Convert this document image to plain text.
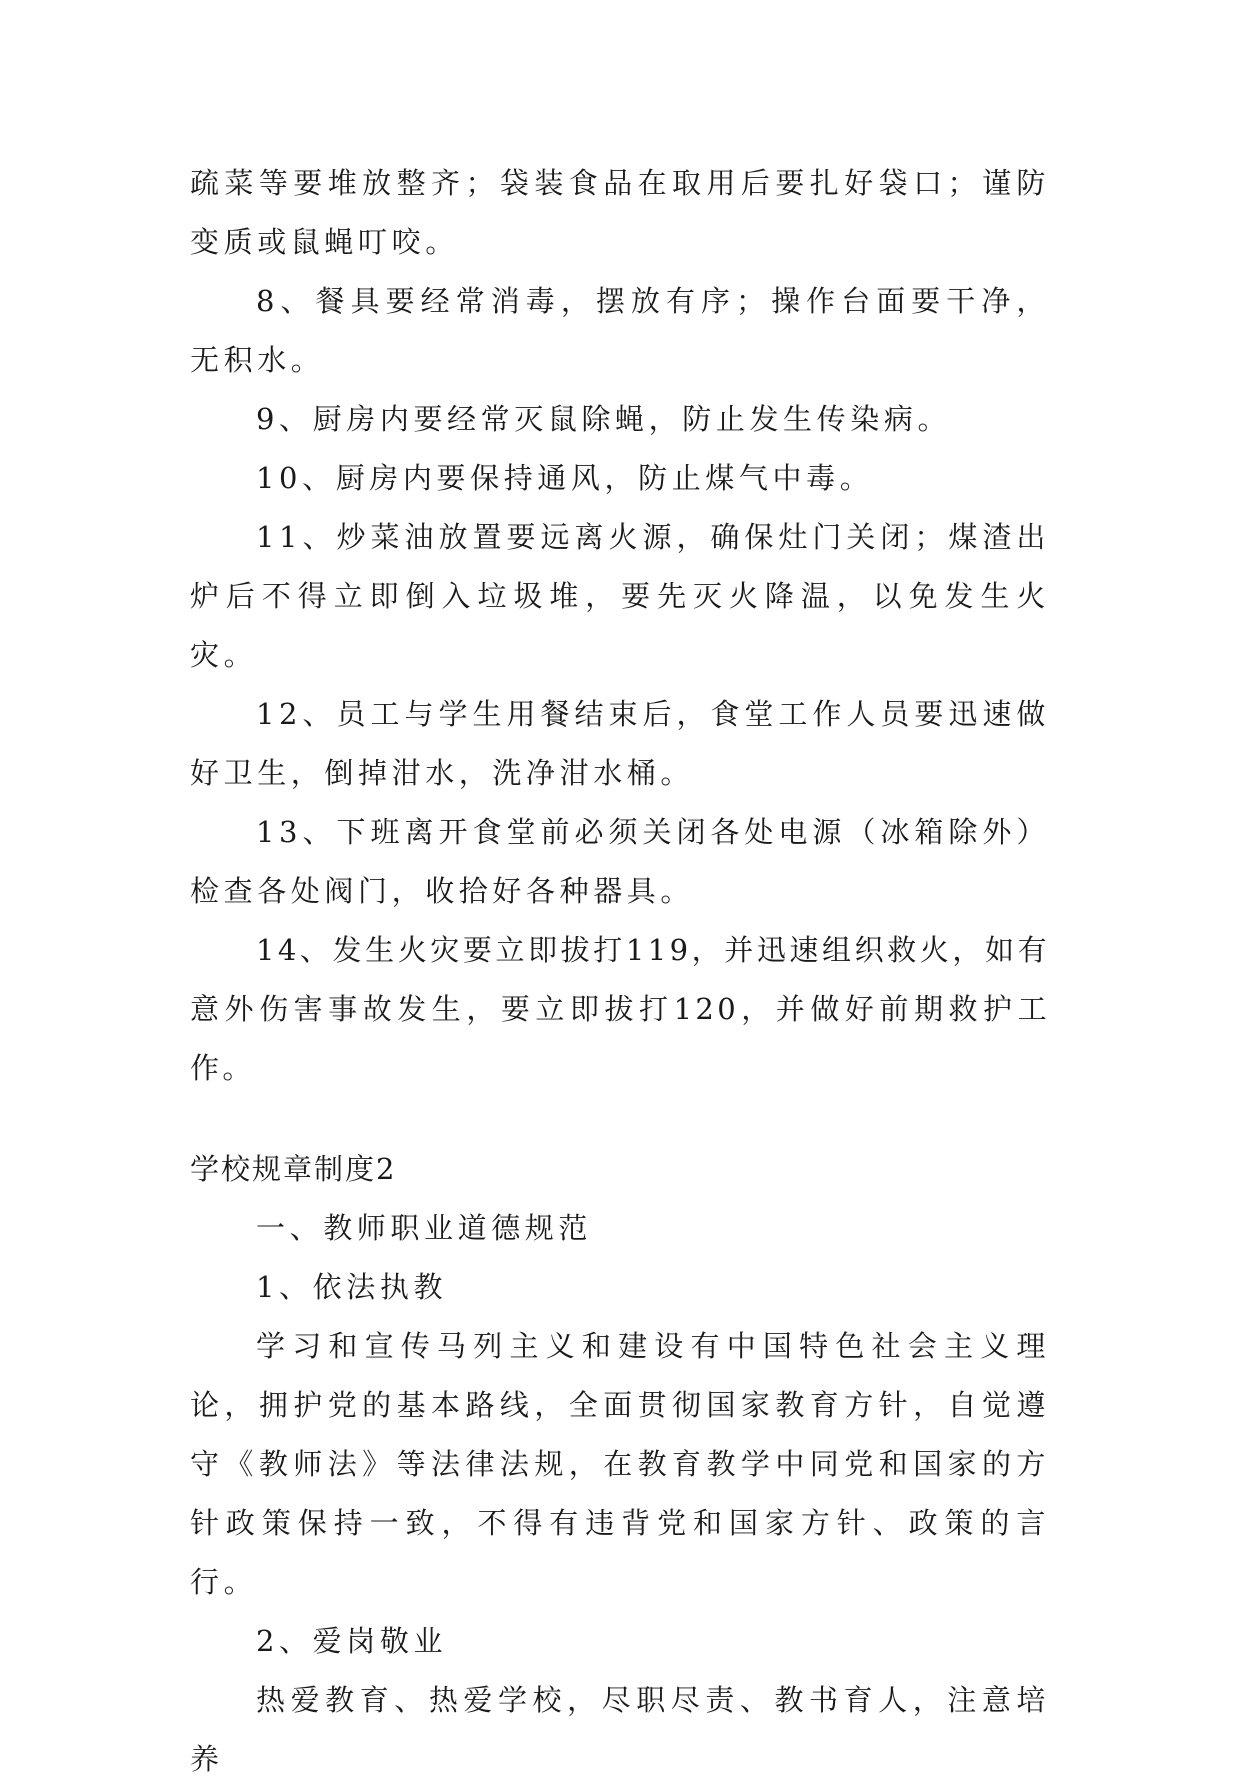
疏菜等要堆放整齐；袋装食品在取用后要扎好袋口；谨防变质或鼠蝇叮咬。

8、餐具要经常消毒，摆放有序；操作台面要干净，无积水。

9、厨房内要经常灭鼠除蝇，防止发生传染病。

10、厨房内要保持通风，防止煤气中毒。

11、炒菜油放置要远离火源，确保灶门关闭；煤渣出炉后不得立即倒入垃圾堆，要先灭火降温，以免发生火灾。

12、员工与学生用餐结束后，食堂工作人员要迅速做好卫生，倒掉泔水，洗净泔水桶。

13、下班离开食堂前必须关闭各处电源（冰箱除外）检查各处阀门，收拾好各种器具。

14、发生火灾要立即拔打119，并迅速组织救火，如有意外伤害事故发生，要立即拔打120，并做好前期救护工作。

学校规章制度2

一、教师职业道德规范

1、依法执教

学习和宣传马列主义和建设有中国特色社会主义理论，拥护党的基本路线，全面贯彻国家教育方针，自觉遵守《教师法》等法律法规，在教育教学中同党和国家的方针政策保持一致，不得有违背党和国家方针、政策的言行。

2、爱岗敬业

热爱教育、热爱学校，尽职尽责、教书育人，注意培养
